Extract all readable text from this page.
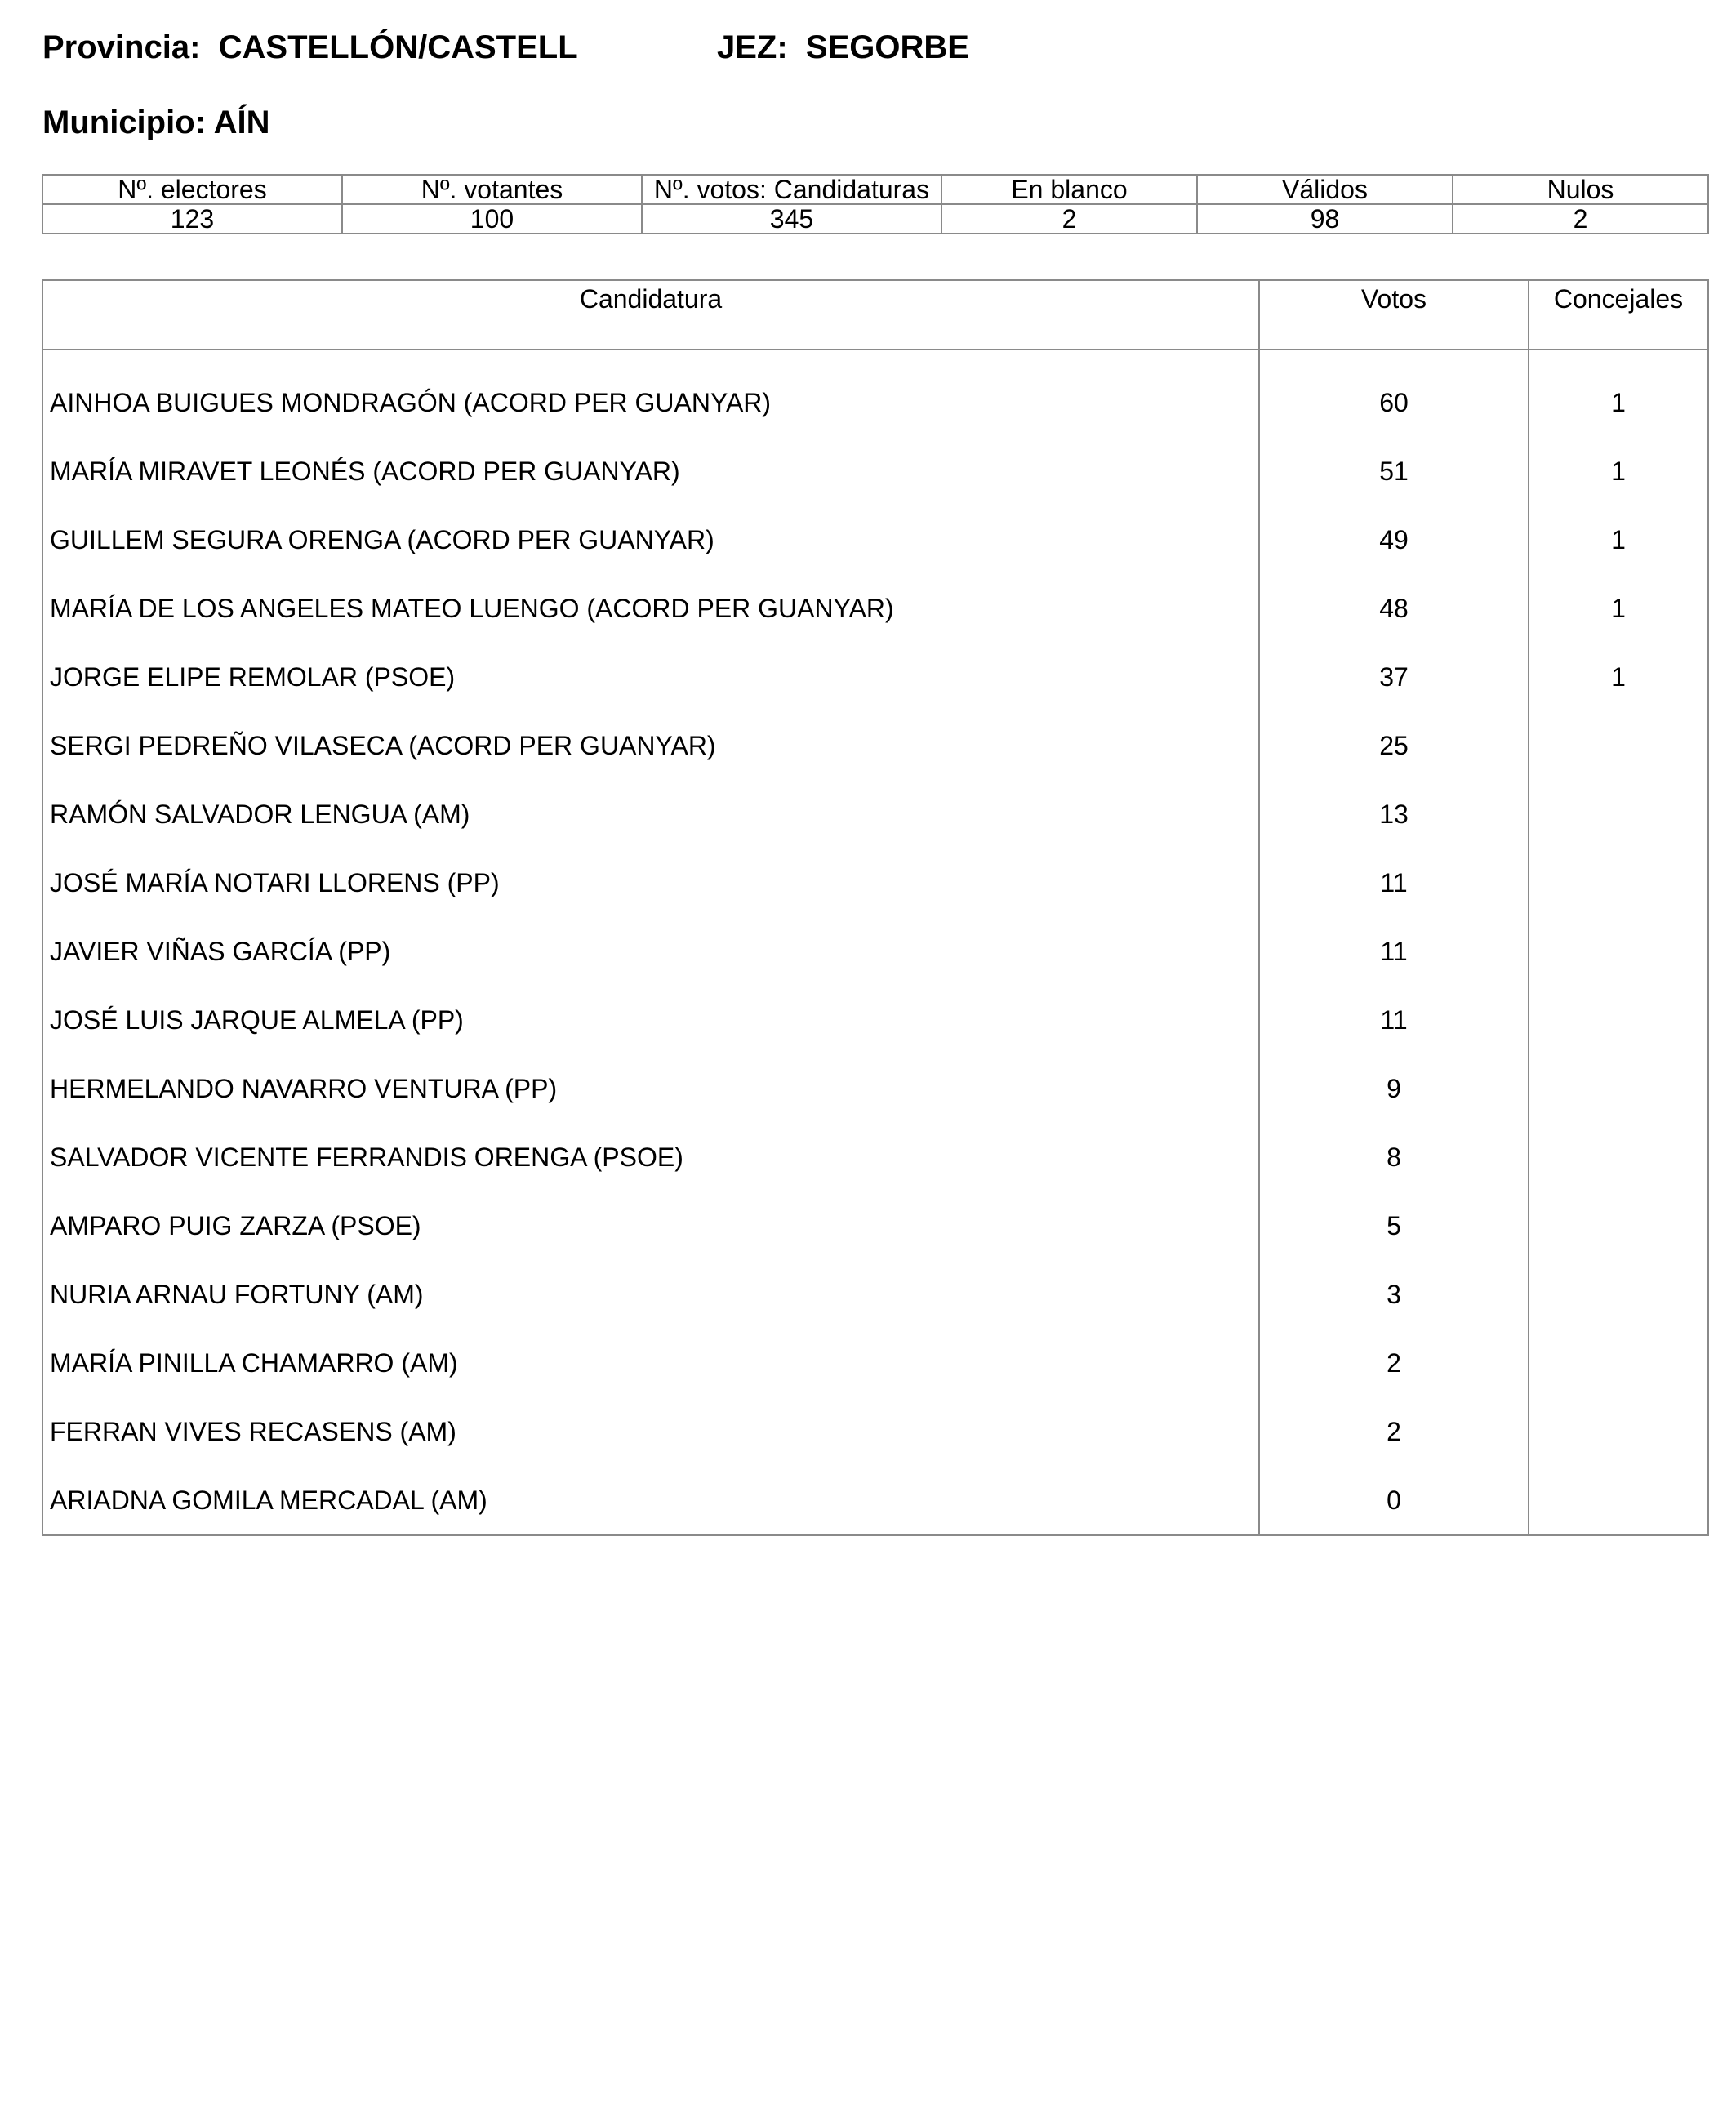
Provincia: CASTELLÓN/CASTELL	JEZ: SEGORBE
Municipio: AÍN
Nº. electores	Nº. votantes	Nº. votos: Candidaturas	En blanco	Válidos	Nulos
123	100	345	2	98	2
Candidatura	Votos	Concejales
AINHOA BUIGUES MONDRAGÓN (ACORD PER GUANYAR)	60	1
MARÍA MIRAVET LEONÉS (ACORD PER GUANYAR)	51	1
GUILLEM SEGURA ORENGA (ACORD PER GUANYAR)	49	1
MARÍA DE LOS ANGELES MATEO LUENGO (ACORD PER GUANYAR)	48	1
JORGE ELIPE REMOLAR (PSOE)	37	1
SERGI PEDREÑO VILASECA (ACORD PER GUANYAR)	25	
RAMÓN SALVADOR LENGUA (AM)	13	
JOSÉ MARÍA NOTARI LLORENS (PP)	11	
JAVIER VIÑAS GARCÍA (PP)	11	
JOSÉ LUIS JARQUE ALMELA (PP)	11	
HERMELANDO NAVARRO VENTURA (PP)	9	
SALVADOR VICENTE FERRANDIS ORENGA (PSOE)	8	
AMPARO PUIG ZARZA (PSOE)	5	
NURIA ARNAU FORTUNY (AM)	3	
MARÍA PINILLA CHAMARRO (AM)	2	
FERRAN VIVES RECASENS (AM)	2	
ARIADNA GOMILA MERCADAL (AM)	0	
